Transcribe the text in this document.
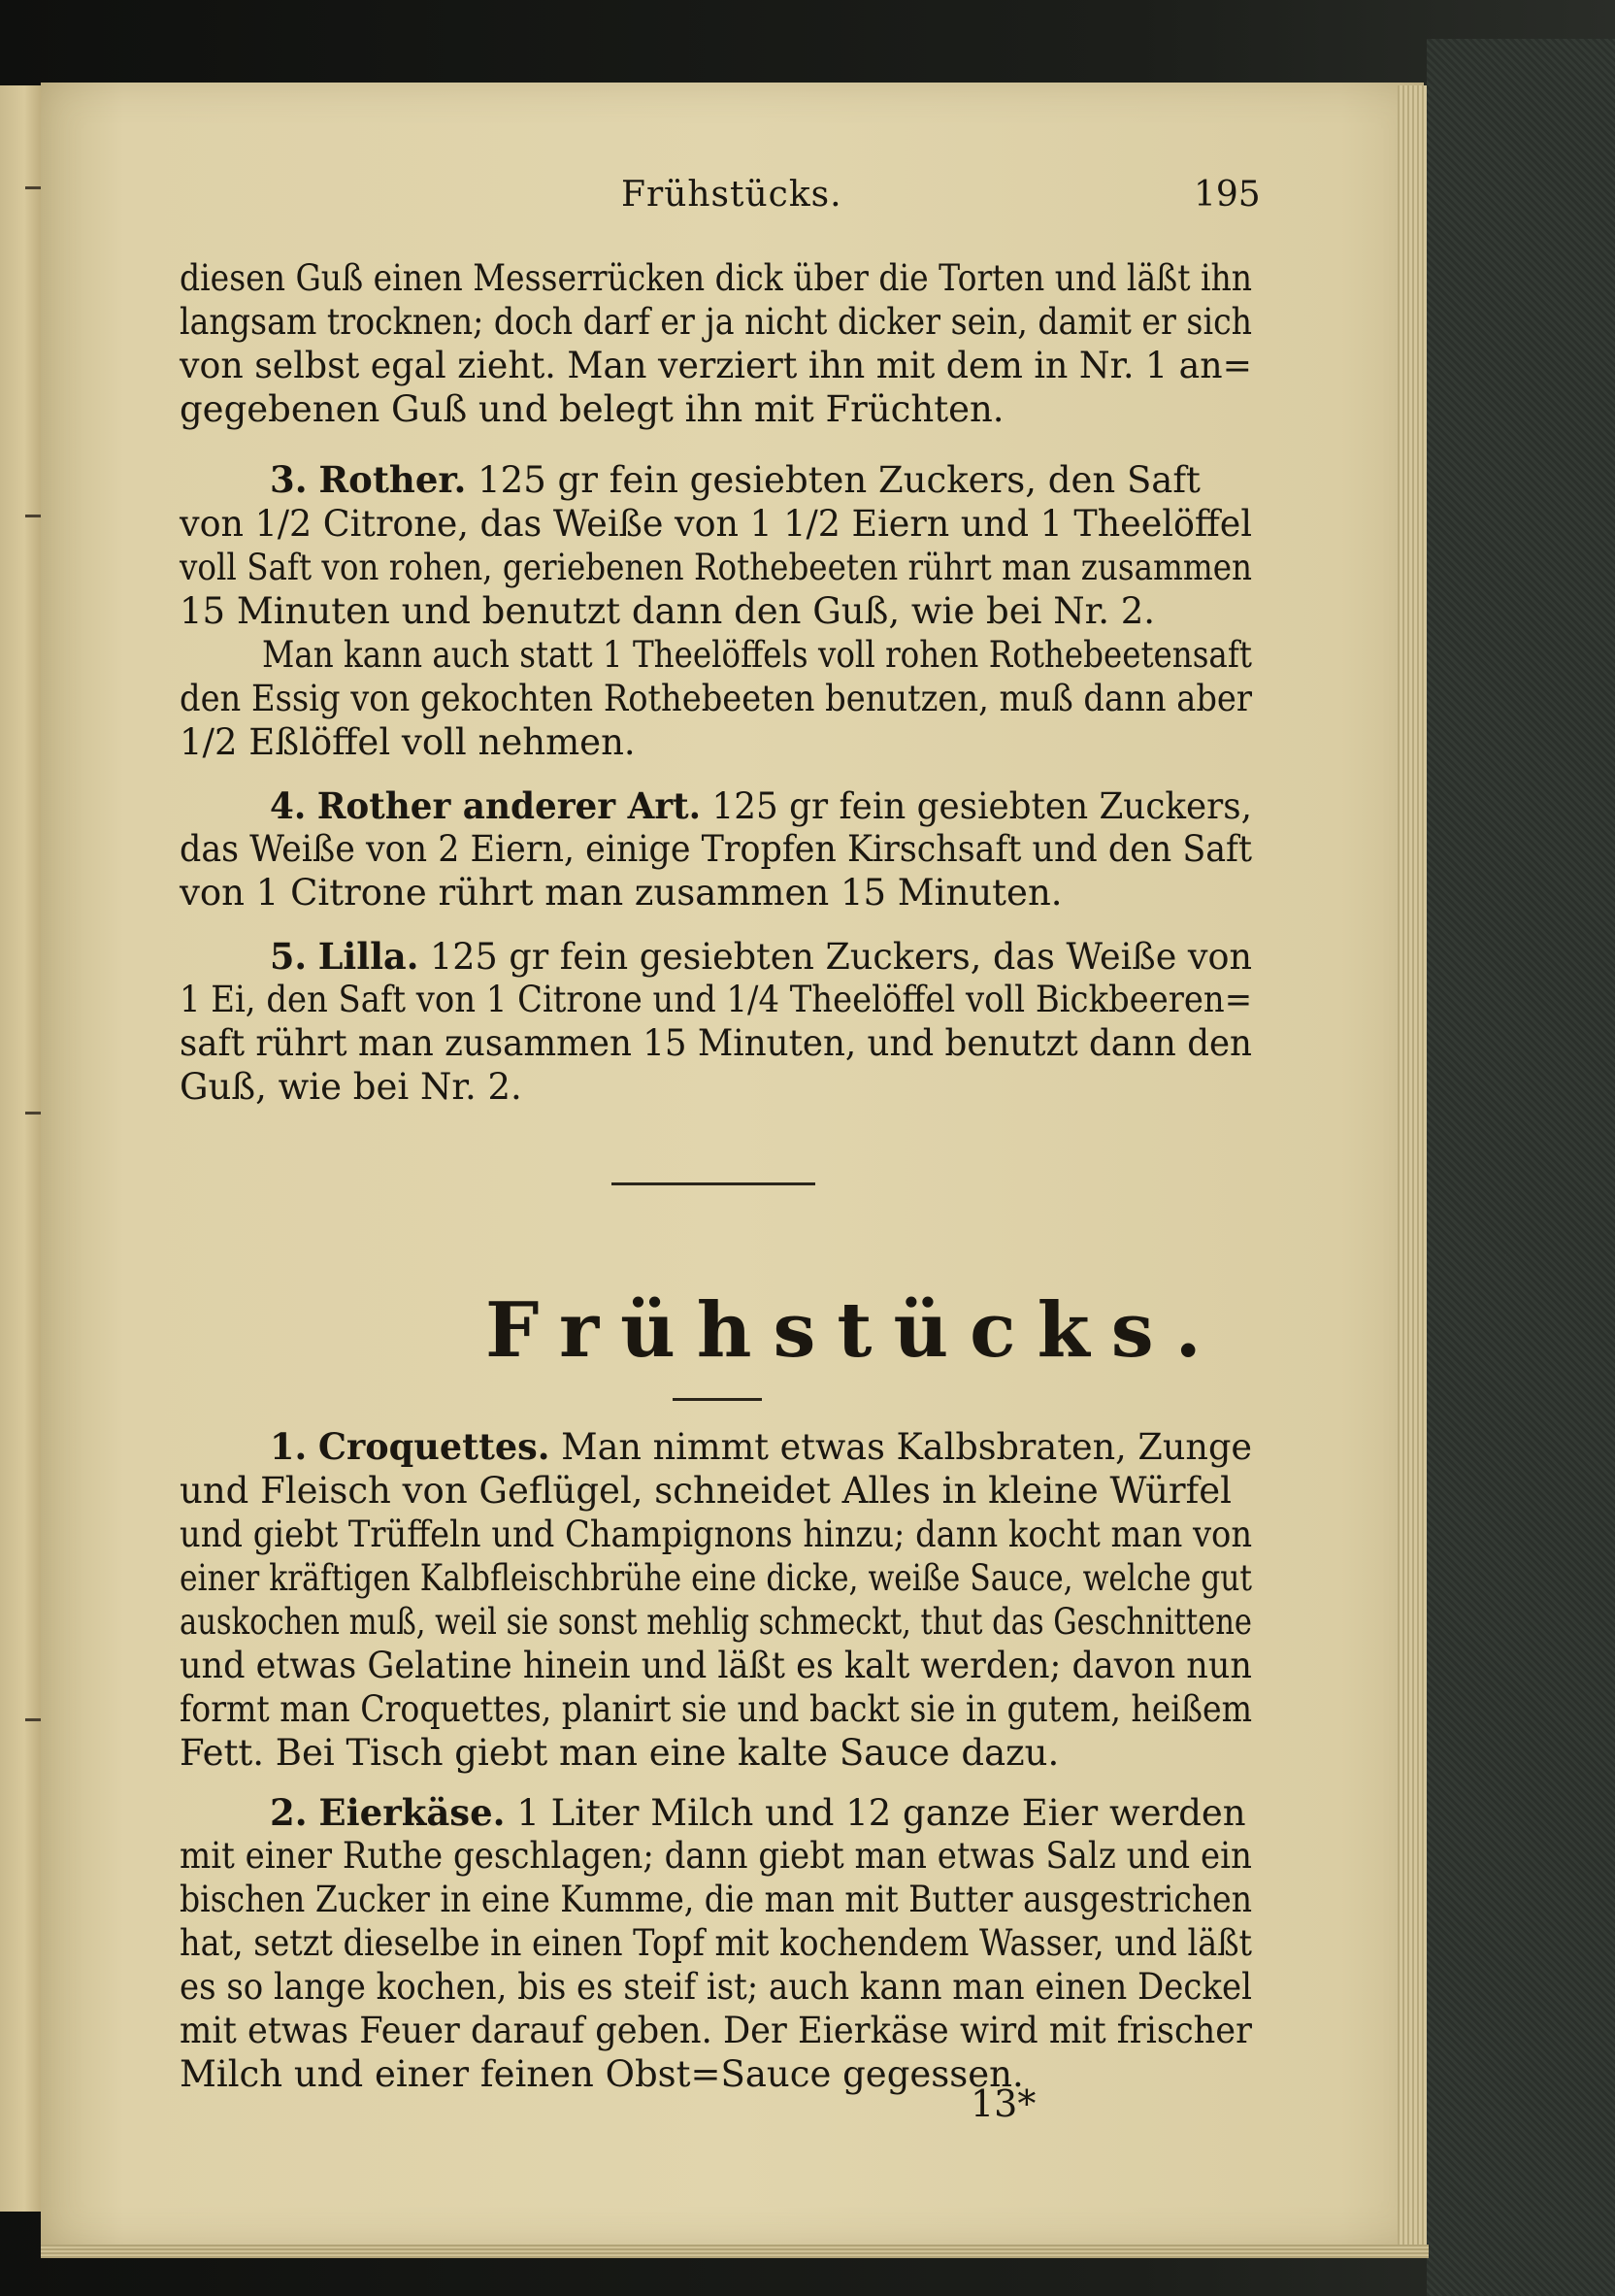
Frühstücks.	195
diesen Guß einen Messerrücken dick über die Torten und läßt ihn
langsam trocknen; doch darf er ja nicht dicker sein, damit er sich
von selbst egal zieht. Man verziert ihn mit dem in Nr. 1 an=
gegebenen Guß und belegt ihn mit Früchten.
3. Rother. 125 gr fein gesiebten Zuckers, den Saft
von 1/2 Citrone, das Weiße von 1 1/2 Eiern und 1 Theelöffel
voll Saft von rohen, geriebenen Rothebeeten rührt man zusammen
15 Minuten und benutzt dann den Guß, wie bei Nr. 2.
Man kann auch statt 1 Theelöffels voll rohen Rothebeetensaft
den Essig von gekochten Rothebeeten benutzen, muß dann aber
1/2 Eßlöffel voll nehmen.
4. Rother anderer Art. 125 gr fein gesiebten Zuckers,
das Weiße von 2 Eiern, einige Tropfen Kirschsaft und den Saft
von 1 Citrone rührt man zusammen 15 Minuten.
5. Lilla. 125 gr fein gesiebten Zuckers, das Weiße von
1 Ei, den Saft von 1 Citrone und 1/4 Theelöffel voll Bickbeeren=
saft rührt man zusammen 15 Minuten, und benutzt dann den
Guß, wie bei Nr. 2.
Frühstücks.
1. Croquettes. Man nimmt etwas Kalbsbraten, Zunge
und Fleisch von Geflügel, schneidet Alles in kleine Würfel
und giebt Trüffeln und Champignons hinzu; dann kocht man von
einer kräftigen Kalbfleischbrühe eine dicke, weiße Sauce, welche gut
auskochen muß, weil sie sonst mehlig schmeckt, thut das Geschnittene
und etwas Gelatine hinein und läßt es kalt werden; davon nun
formt man Croquettes, planirt sie und backt sie in gutem, heißem
Fett. Bei Tisch giebt man eine kalte Sauce dazu.
2. Eierkäse. 1 Liter Milch und 12 ganze Eier werden
mit einer Ruthe geschlagen; dann giebt man etwas Salz und ein
bischen Zucker in eine Kumme, die man mit Butter ausgestrichen
hat, setzt dieselbe in einen Topf mit kochendem Wasser, und läßt
es so lange kochen, bis es steif ist; auch kann man einen Deckel
mit etwas Feuer darauf geben. Der Eierkäse wird mit frischer
Milch und einer feinen Obst=Sauce gegessen.
13*
